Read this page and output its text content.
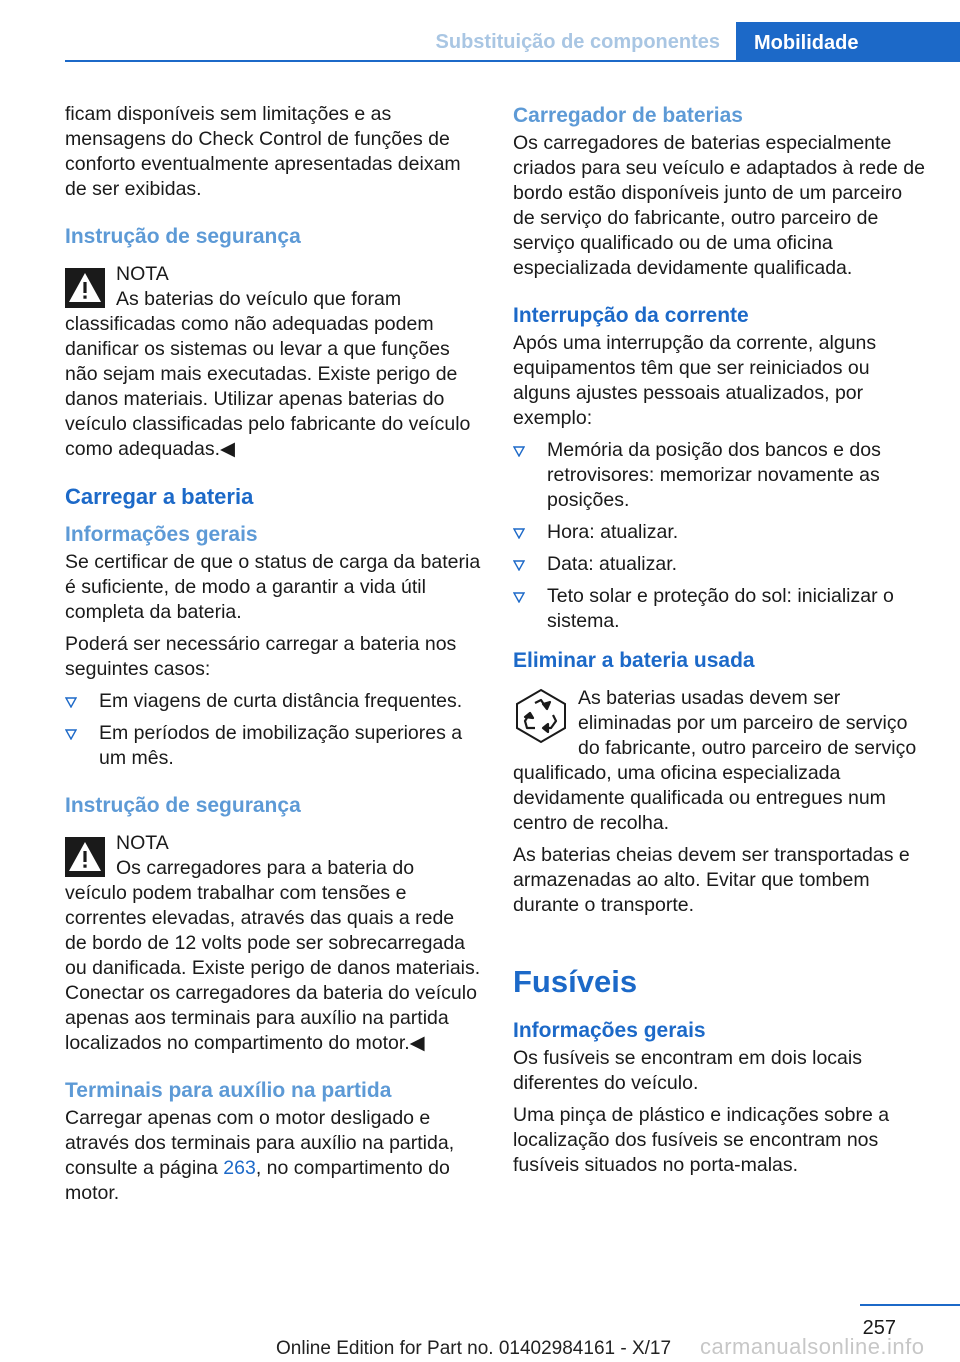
Substituição de componentes	Mobilidade

ficam disponíveis sem limitações e as mensagens do Check Control de funções de conforto eventualmente apresentadas deixam de ser exibidas.

Instrução de segurança
NOTA
As baterias do veículo que foram classificadas como não adequadas podem danificar os sistemas ou levar a que funções não sejam mais executadas. Existe perigo de danos materiais. Utilizar apenas baterias do veículo classificadas pelo fabricante do veículo como adequadas.◀
Carregar a bateria
Informações gerais

Se certificar de que o status de carga da bateria é suficiente, de modo a garantir a vida útil completa da bateria.

Poderá ser necessário carregar a bateria nos seguintes casos:

Em viagens de curta distância frequentes.
Em períodos de imobilização superiores a um mês.
Instrução de segurança
NOTA
Os carregadores para a bateria do veículo podem trabalhar com tensões e correntes elevadas, através das quais a rede de bordo de 12 volts pode ser sobrecarregada ou danificada. Existe perigo de danos materiais. Conectar os carregadores da bateria do veículo apenas aos terminais para auxílio na partida localizados no compartimento do motor.◀
Terminais para auxílio na partida

Carregar apenas com o motor desligado e através dos terminais para auxílio na partida, consulte a página 263, no compartimento do motor.

Carregador de baterias

Os carregadores de baterias especialmente criados para seu veículo e adaptados à rede de bordo estão disponíveis junto de um parceiro de serviço do fabricante, outro parceiro de serviço qualificado ou de uma oficina especializada devidamente qualificada.

Interrupção da corrente

Após uma interrupção da corrente, alguns equipamentos têm que ser reiniciados ou alguns ajustes pessoais atualizados, por exemplo:

Memória da posição dos bancos e dos retrovisores: memorizar novamente as posições.
Hora: atualizar.
Data: atualizar.
Teto solar e proteção do sol: inicializar o sistema.
Eliminar a bateria usada
As baterias usadas devem ser eliminadas por um parceiro de serviço do fabricante, outro parceiro de serviço qualificado, uma oficina especializada devidamente qualificada ou entregues num centro de recolha.

As baterias cheias devem ser transportadas e armazenadas ao alto. Evitar que tombem durante o transporte.

Fusíveis
Informações gerais

Os fusíveis se encontram em dois locais diferentes do veículo.

Uma pinça de plástico e indicações sobre a localização dos fusíveis se encontram nos fusíveis situados no porta-malas.

257
Online Edition for Part no. 01402984161 - X/17 carmanualsonline.info
